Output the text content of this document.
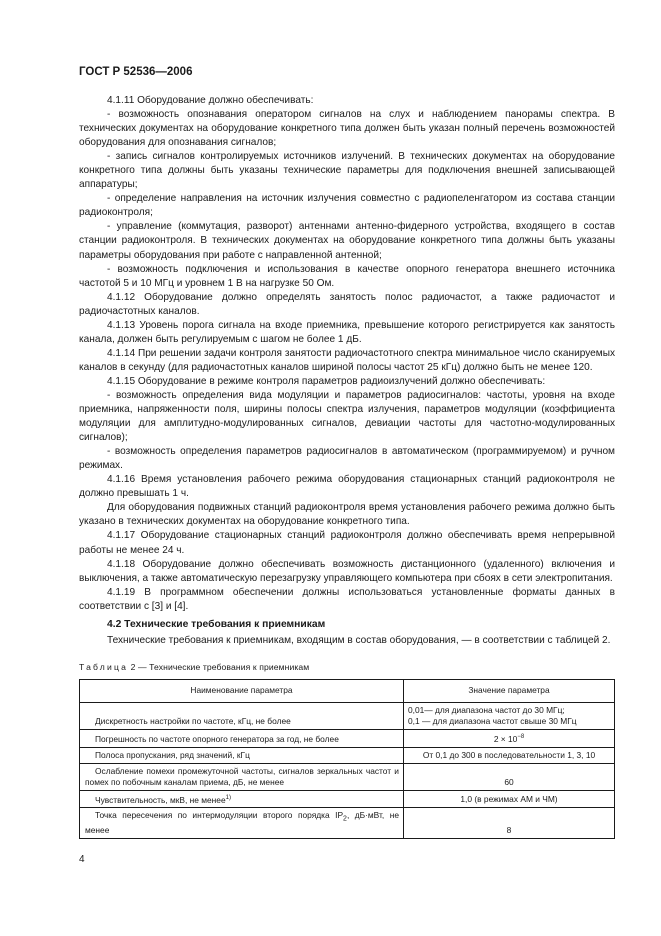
ГОСТ Р 52536—2006

4.1.11 Оборудование должно обеспечивать:

- возможность опознавания оператором сигналов на слух и наблюдением панорамы спектра. В технических документах на оборудование конкретного типа должен быть указан полный перечень возможностей оборудования для опознавания сигналов;

- запись сигналов контролируемых источников излучений. В технических документах на оборудование конкретного типа должны быть указаны технические параметры для подключения внешней записывающей аппаратуры;

- определение направления на источник излучения совместно с радиопеленгатором из состава станции радиоконтроля;

- управление (коммутация, разворот) антеннами антенно-фидерного устройства, входящего в состав станции радиоконтроля. В технических документах на оборудование конкретного типа должны быть указаны параметры оборудования при работе с направленной антенной;

- возможность подключения и использования в качестве опорного генератора внешнего источника частотой 5 и 10 МГц и уровнем 1 В на нагрузке 50 Ом.

4.1.12 Оборудование должно определять занятость полос радиочастот, а также радиочастот и радиочастотных каналов.

4.1.13 Уровень порога сигнала на входе приемника, превышение которого регистрируется как занятость канала, должен быть регулируемым с шагом не более 1 дБ.

4.1.14 При решении задачи контроля занятости радиочастотного спектра минимальное число сканируемых каналов в секунду (для радиочастотных каналов шириной полосы частот 25 кГц) должно быть не менее 120.

4.1.15 Оборудование в режиме контроля параметров радиоизлучений должно обеспечивать:

- возможность определения вида модуляции и параметров радиосигналов: частоты, уровня на входе приемника, напряженности поля, ширины полосы спектра излучения, параметров модуляции (коэффициента модуляции для амплитудно-модулированных сигналов, девиации частоты для частотно-модулированных сигналов);

- возможность определения параметров радиосигналов в автоматическом (программируемом) и ручном режимах.

4.1.16 Время установления рабочего режима оборудования стационарных станций радиоконтроля не должно превышать 1 ч.

Для оборудования подвижных станций радиоконтроля время установления рабочего режима должно быть указано в технических документах на оборудование конкретного типа.

4.1.17 Оборудование стационарных станций радиоконтроля должно обеспечивать время непрерывной работы не менее 24 ч.

4.1.18 Оборудование должно обеспечивать возможность дистанционного (удаленного) включения и выключения, а также автоматическую перезагрузку управляющего компьютера при сбоях в сети электропитания.

4.1.19 В программном обеспечении должны использоваться установленные форматы данных в соответствии с [3] и [4].

4.2 Технические требования к приемникам

Технические требования к приемникам, входящим в состав оборудования, — в соответствии с таблицей 2.

Таблица 2 — Технические требования к приемникам
Наименование параметра	Значение параметра
Дискретность настройки по частоте, кГц, не более	0,01— для диапазона частот до 30 МГц;
0,1 — для диапазона частот свыше 30 МГц

Погрешность по частоте опорного генератора за год, не более	$2 \times 10^{-8}$
Полоса пропускания, ряд значений, кГц	От 0,1 до 300 в последовательности 1, 3, 10
Ослабление помехи промежуточной частоты, сигналов зеркальных частот и помех по побочным каналам приема, дБ, не менее	60
Чувствительность, мкВ, не менее$^{1)}$	1,0 (в режимах АМ и ЧМ)
Точка пересечения по интермодуляции второго порядка $IP_2$, дБ·мВт, не менее	8
4
